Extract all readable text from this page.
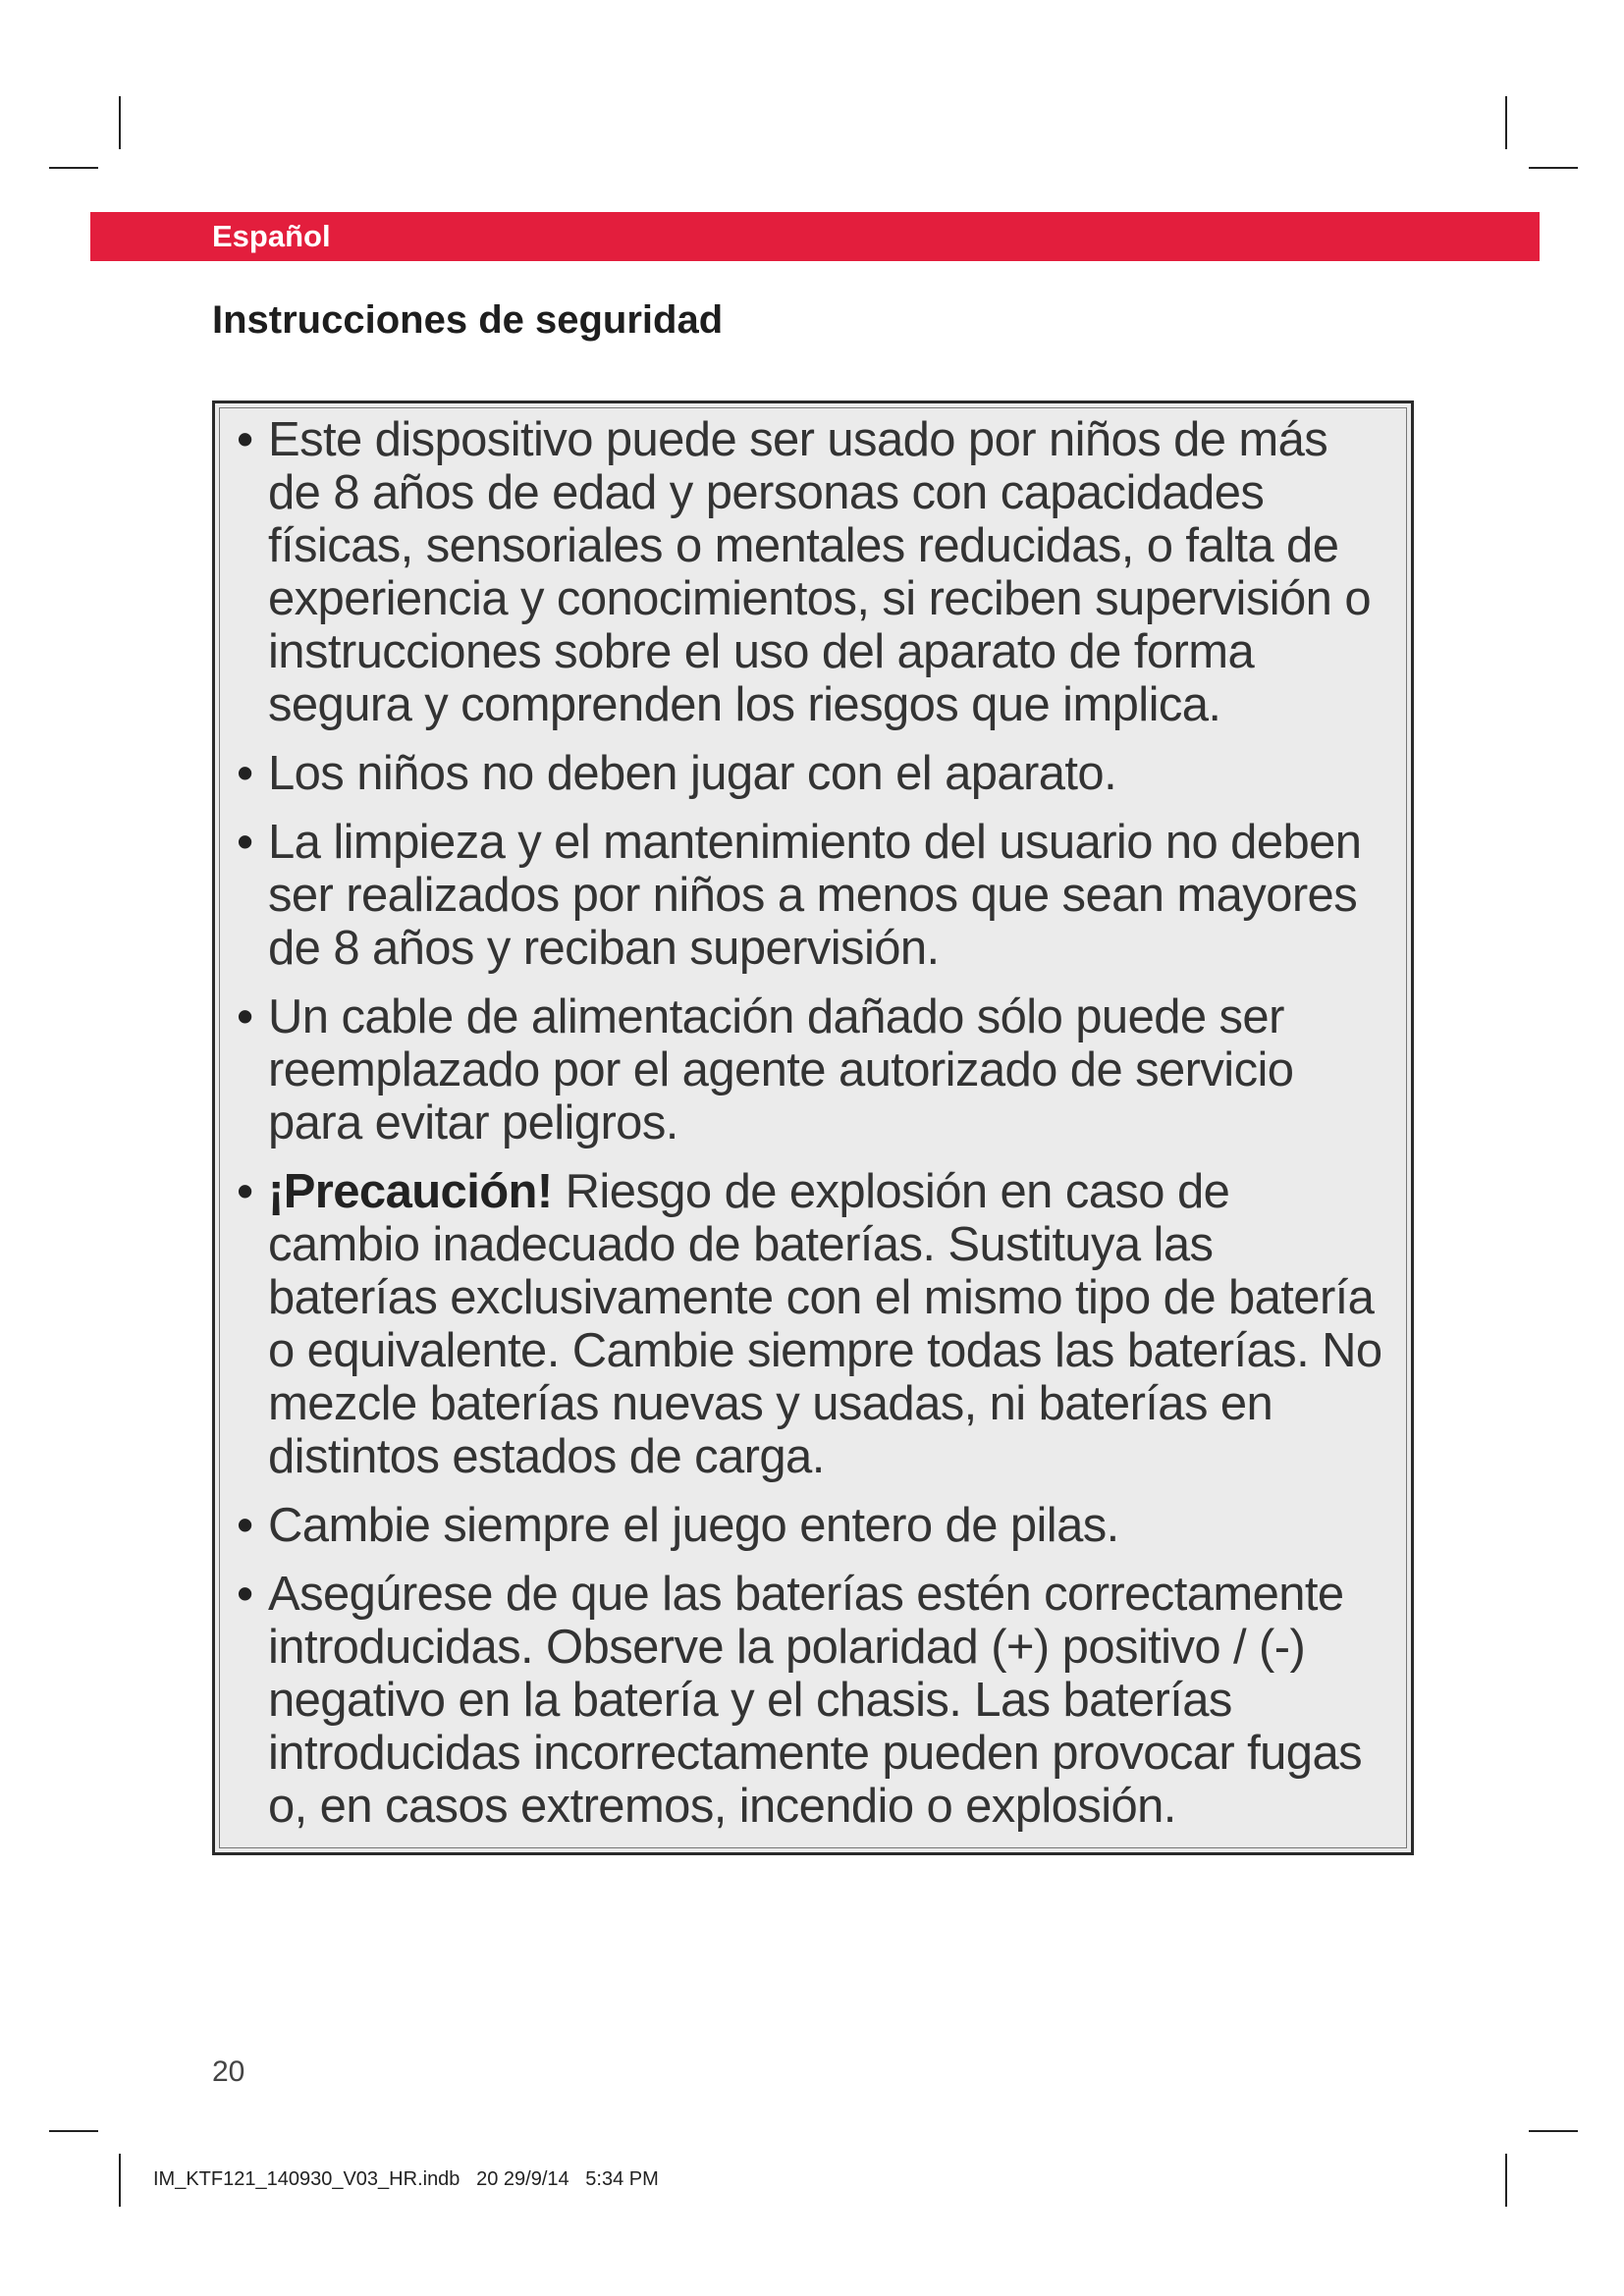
Español
Instrucciones de seguridad
• Este dispositivo puede ser usado por niños de más de 8 años de edad y personas con capacidades físicas, sensoriales o mentales reducidas, o falta de experiencia y conocimientos, si reciben supervisión o instrucciones sobre el uso del aparato de forma segura y comprenden los riesgos que implica.
• Los niños no deben jugar con el aparato.
• La limpieza y el mantenimiento del usuario no deben ser realizados por niños a menos que sean mayores de 8 años y reciban supervisión.
• Un cable de alimentación dañado sólo puede ser reemplazado por el agente autorizado de servicio para evitar peligros.
• ¡Precaución! Riesgo de explosión en caso de cambio inadecuado de baterías. Sustituya las baterías exclusivamente con el mismo tipo de batería o equivalente. Cambie siempre todas las baterías. No mezcle baterías nuevas y usadas, ni baterías en distintos estados de carga.
• Cambie siempre el juego entero de pilas.
• Asegúrese de que las baterías estén correctamente introducidas. Observe la polaridad (+) positivo / (-) negativo en la batería y el chasis. Las baterías introducidas incorrectamente pueden provocar fugas o, en casos extremos, incendio o explosión.
20
IM_KTF121_140930_V03_HR.indb   20 29/9/14   5:34 PM
